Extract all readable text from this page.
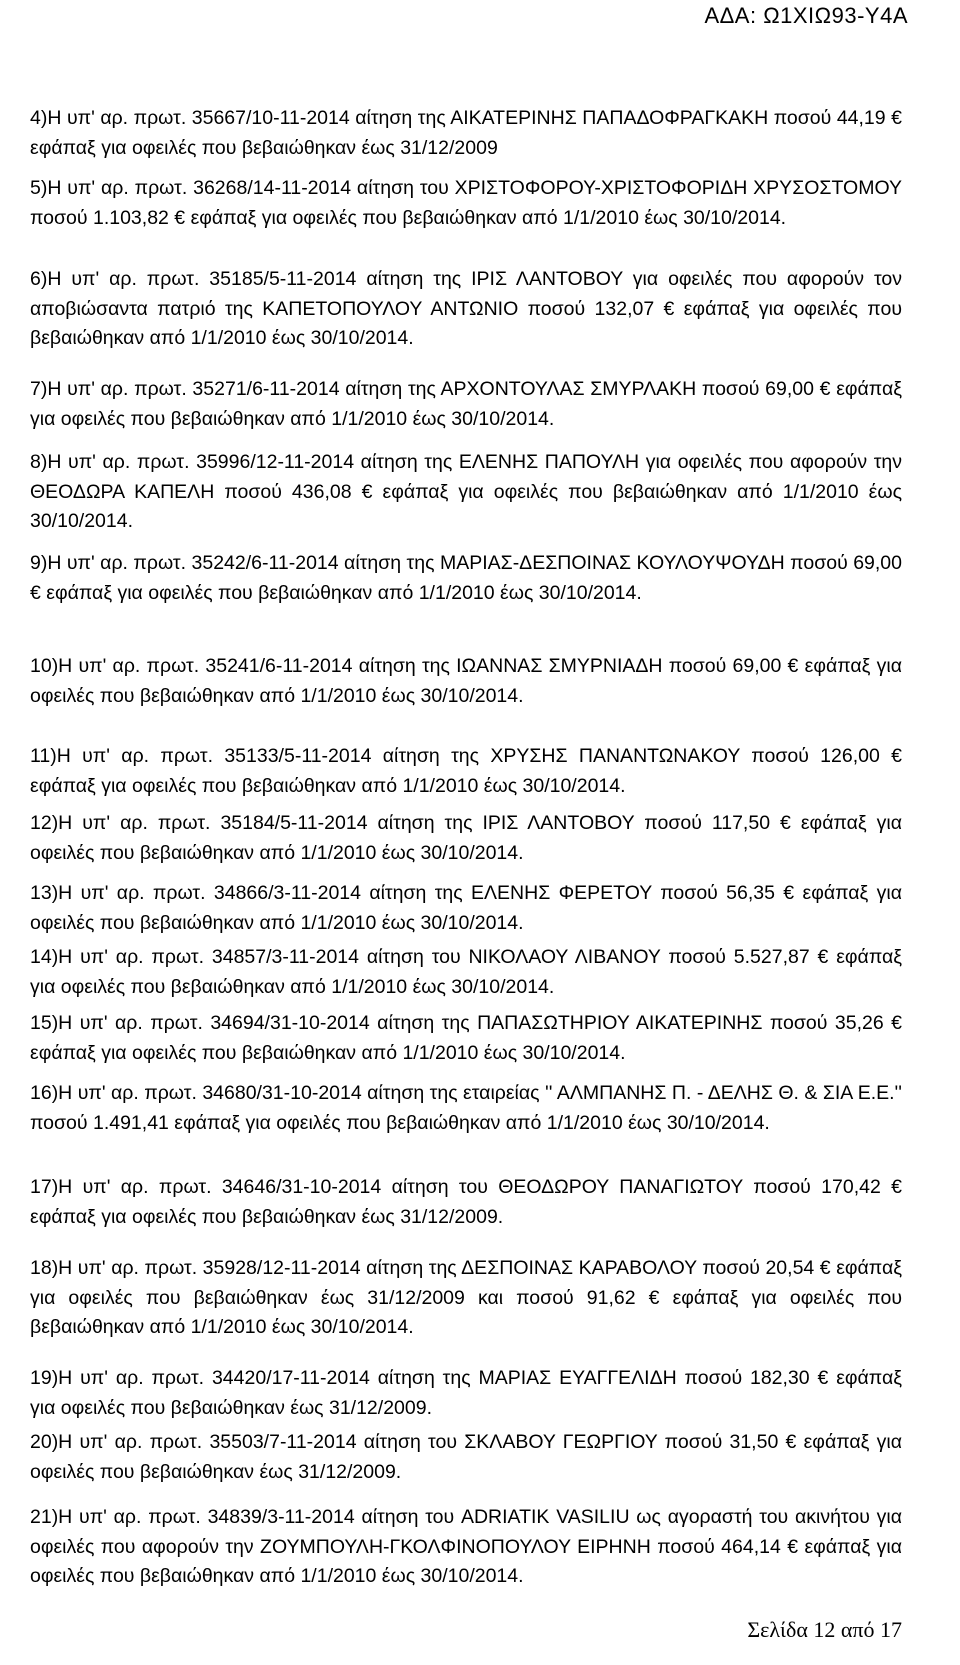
ΑΔΑ: Ω1ΧΙΩ93-Υ4Α
4)Η υπ' αρ. πρωτ. 35667/10-11-2014 αίτηση της ΑΙΚΑΤΕΡΙΝΗΣ ΠΑΠΑΔΟΦΡΑΓΚΑΚΗ ποσού 44,19 € εφάπαξ για οφειλές που βεβαιώθηκαν έως 31/12/2009
5)Η υπ' αρ. πρωτ. 36268/14-11-2014 αίτηση του ΧΡΙΣΤΟΦΟΡΟΥ-ΧΡΙΣΤΟΦΟΡΙΔΗ ΧΡΥΣΟΣΤΟΜΟΥ ποσού 1.103,82 € εφάπαξ για οφειλές που βεβαιώθηκαν από 1/1/2010 έως 30/10/2014.
6)Η υπ' αρ. πρωτ. 35185/5-11-2014 αίτηση της ΙΡΙΣ ΛΑΝΤΟΒΟΥ για οφειλές που αφορούν τον αποβιώσαντα πατριό της ΚΑΠΕΤΟΠΟΥΛΟΥ ΑΝΤΩΝΙΟ ποσού 132,07 € εφάπαξ για οφειλές που βεβαιώθηκαν από 1/1/2010 έως 30/10/2014.
7)Η υπ' αρ. πρωτ. 35271/6-11-2014 αίτηση της ΑΡΧΟΝΤΟΥΛΑΣ ΣΜΥΡΛΑΚΗ ποσού 69,00 € εφάπαξ για οφειλές που βεβαιώθηκαν από 1/1/2010 έως 30/10/2014.
8)Η υπ' αρ. πρωτ. 35996/12-11-2014 αίτηση της ΕΛΕΝΗΣ ΠΑΠΟΥΛΗ για οφειλές που αφορούν την ΘΕΟΔΩΡΑ ΚΑΠΕΛΗ ποσού 436,08 € εφάπαξ για οφειλές που βεβαιώθηκαν από 1/1/2010 έως 30/10/2014.
9)Η υπ' αρ. πρωτ. 35242/6-11-2014 αίτηση της ΜΑΡΙΑΣ-ΔΕΣΠΟΙΝΑΣ ΚΟΥΛΟΥΨΟΥΔΗ ποσού 69,00 € εφάπαξ για οφειλές που βεβαιώθηκαν από 1/1/2010 έως 30/10/2014.
10)Η υπ' αρ. πρωτ. 35241/6-11-2014 αίτηση της ΙΩΑΝΝΑΣ ΣΜΥΡΝΙΑΔΗ ποσού 69,00 € εφάπαξ για οφειλές που βεβαιώθηκαν από 1/1/2010 έως 30/10/2014.
11)Η υπ' αρ. πρωτ. 35133/5-11-2014 αίτηση της ΧΡΥΣΗΣ ΠΑΝΑΝΤΩΝΑΚΟΥ ποσού 126,00 € εφάπαξ για οφειλές που βεβαιώθηκαν από 1/1/2010 έως 30/10/2014.
12)Η υπ' αρ. πρωτ. 35184/5-11-2014 αίτηση της ΙΡΙΣ ΛΑΝΤΟΒΟΥ ποσού 117,50 € εφάπαξ για οφειλές που βεβαιώθηκαν από 1/1/2010 έως 30/10/2014.
13)Η υπ' αρ. πρωτ. 34866/3-11-2014 αίτηση της ΕΛΕΝΗΣ ΦΕΡΕΤΟΥ ποσού 56,35 € εφάπαξ για οφειλές που βεβαιώθηκαν από 1/1/2010 έως 30/10/2014.
14)Η υπ' αρ. πρωτ. 34857/3-11-2014 αίτηση του ΝΙΚΟΛΑΟΥ ΛΙΒΑΝΟΥ ποσού 5.527,87 € εφάπαξ για οφειλές που βεβαιώθηκαν από 1/1/2010 έως 30/10/2014.
15)Η υπ' αρ. πρωτ. 34694/31-10-2014 αίτηση της ΠΑΠΑΣΩΤΗΡΙΟΥ ΑΙΚΑΤΕΡΙΝΗΣ ποσού 35,26 € εφάπαξ για οφειλές που βεβαιώθηκαν από 1/1/2010 έως 30/10/2014.
16)Η υπ' αρ. πρωτ. 34680/31-10-2014 αίτηση της εταιρείας '' ΑΛΜΠΑΝΗΣ Π. - ΔΕΛΗΣ Θ. & ΣΙΑ Ε.Ε.'' ποσού 1.491,41 εφάπαξ για οφειλές που βεβαιώθηκαν από 1/1/2010 έως 30/10/2014.
17)Η υπ' αρ. πρωτ. 34646/31-10-2014 αίτηση του ΘΕΟΔΩΡΟΥ ΠΑΝΑΓΙΩΤΟΥ ποσού 170,42 € εφάπαξ για οφειλές που βεβαιώθηκαν έως 31/12/2009.
18)Η υπ' αρ. πρωτ. 35928/12-11-2014 αίτηση της ΔΕΣΠΟΙΝΑΣ ΚΑΡΑΒΟΛΟΥ ποσού 20,54 € εφάπαξ για οφειλές που βεβαιώθηκαν έως 31/12/2009 και ποσού 91,62 € εφάπαξ για οφειλές που βεβαιώθηκαν από 1/1/2010 έως 30/10/2014.
19)Η υπ' αρ. πρωτ. 34420/17-11-2014 αίτηση της ΜΑΡΙΑΣ ΕΥΑΓΓΕΛΙΔΗ ποσού 182,30 € εφάπαξ για οφειλές που βεβαιώθηκαν έως 31/12/2009.
20)Η υπ' αρ. πρωτ. 35503/7-11-2014 αίτηση του ΣΚΛΑΒΟΥ ΓΕΩΡΓΙΟΥ ποσού 31,50 € εφάπαξ για οφειλές που βεβαιώθηκαν έως 31/12/2009.
21)Η υπ' αρ. πρωτ. 34839/3-11-2014 αίτηση του ADRIATIK VASILIU ως αγοραστή του ακινήτου για οφειλές που αφορούν την ΖΟΥΜΠΟΥΛΗ-ΓΚΟΛΦΙΝΟΠΟΥΛΟΥ ΕΙΡΗΝΗ ποσού 464,14 € εφάπαξ για οφειλές που βεβαιώθηκαν από 1/1/2010 έως 30/10/2014.
Σελίδα 12 από 17
